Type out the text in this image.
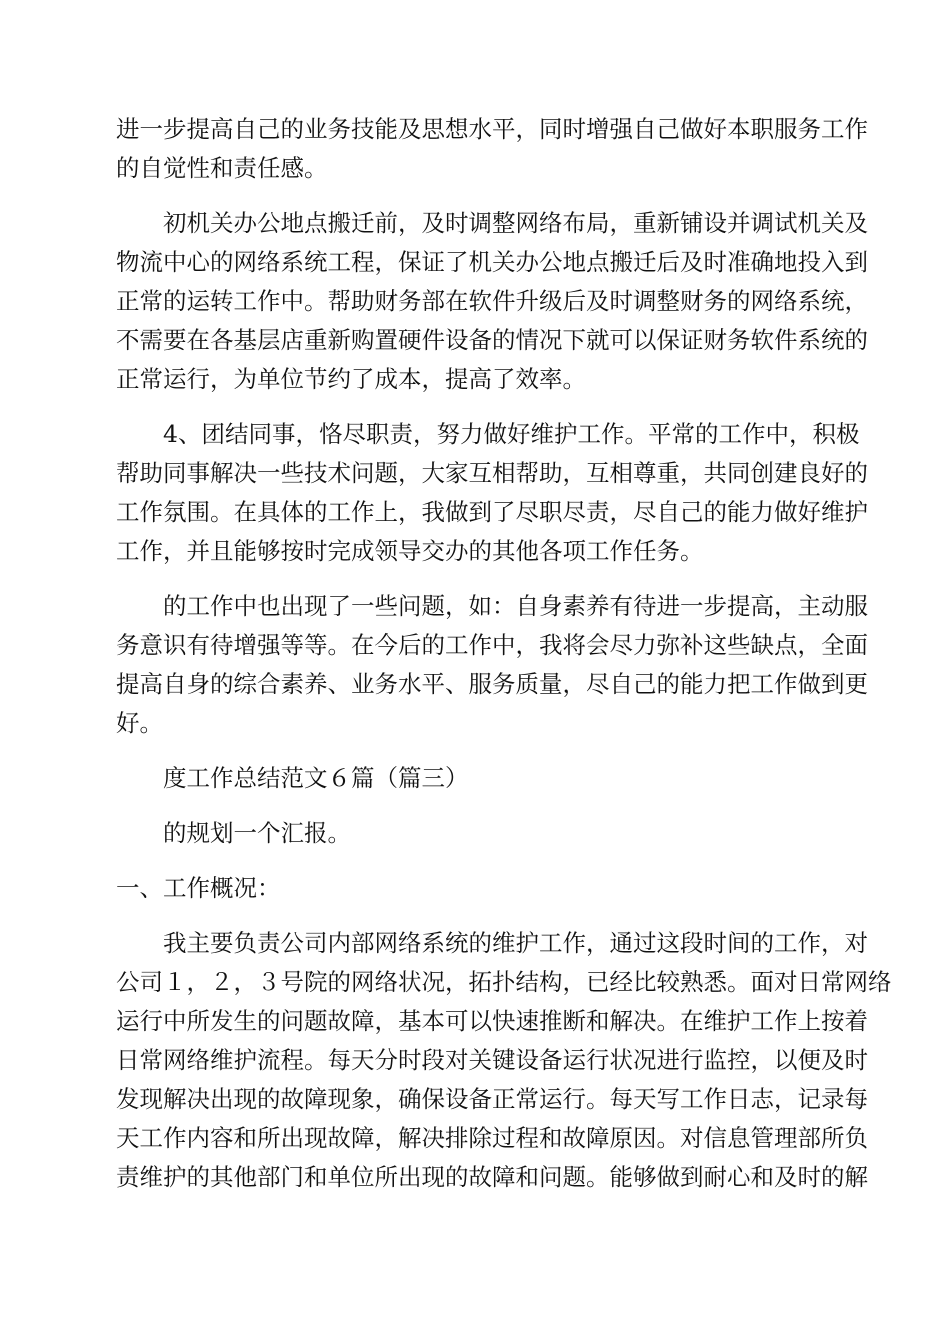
进一步提高自己的业务技能及思想水平，同时增强自己做好本职服务工作
的自觉性和责任感。
初机关办公地点搬迁前，及时调整网络布局，重新铺设并调试机关及
物流中心的网络系统工程，保证了机关办公地点搬迁后及时准确地投入到
正常的运转工作中。帮助财务部在软件升级后及时调整财务的网络系统，
不需要在各基层店重新购置硬件设备的情况下就可以保证财务软件系统的
正常运行，为单位节约了成本，提高了效率。
4、团结同事，恪尽职责，努力做好维护工作。平常的工作中，积极
帮助同事解决一些技术问题，大家互相帮助，互相尊重，共同创建良好的
工作氛围。在具体的工作上，我做到了尽职尽责，尽自己的能力做好维护
工作，并且能够按时完成领导交办的其他各项工作任务。
的工作中也出现了一些问题，如：自身素养有待进一步提高，主动服
务意识有待增强等等。在今后的工作中，我将会尽力弥补这些缺点，全面
提高自身的综合素养、业务水平、服务质量，尽自己的能力把工作做到更
好。
度工作总结范文６篇（篇三）
的规划一个汇报。
一、工作概况：
我主要负责公司内部网络系统的维护工作，通过这段时间的工作，对
公司１，２，３号院的网络状况，拓扑结构，已经比较熟悉。面对日常网络
运行中所发生的问题故障，基本可以快速推断和解决。在维护工作上按着
日常网络维护流程。每天分时段对关键设备运行状况进行监控，以便及时
发现解决出现的故障现象，确保设备正常运行。每天写工作日志，记录每
天工作内容和所出现故障，解决排除过程和故障原因。对信息管理部所负
责维护的其他部门和单位所出现的故障和问题。能够做到耐心和及时的解
